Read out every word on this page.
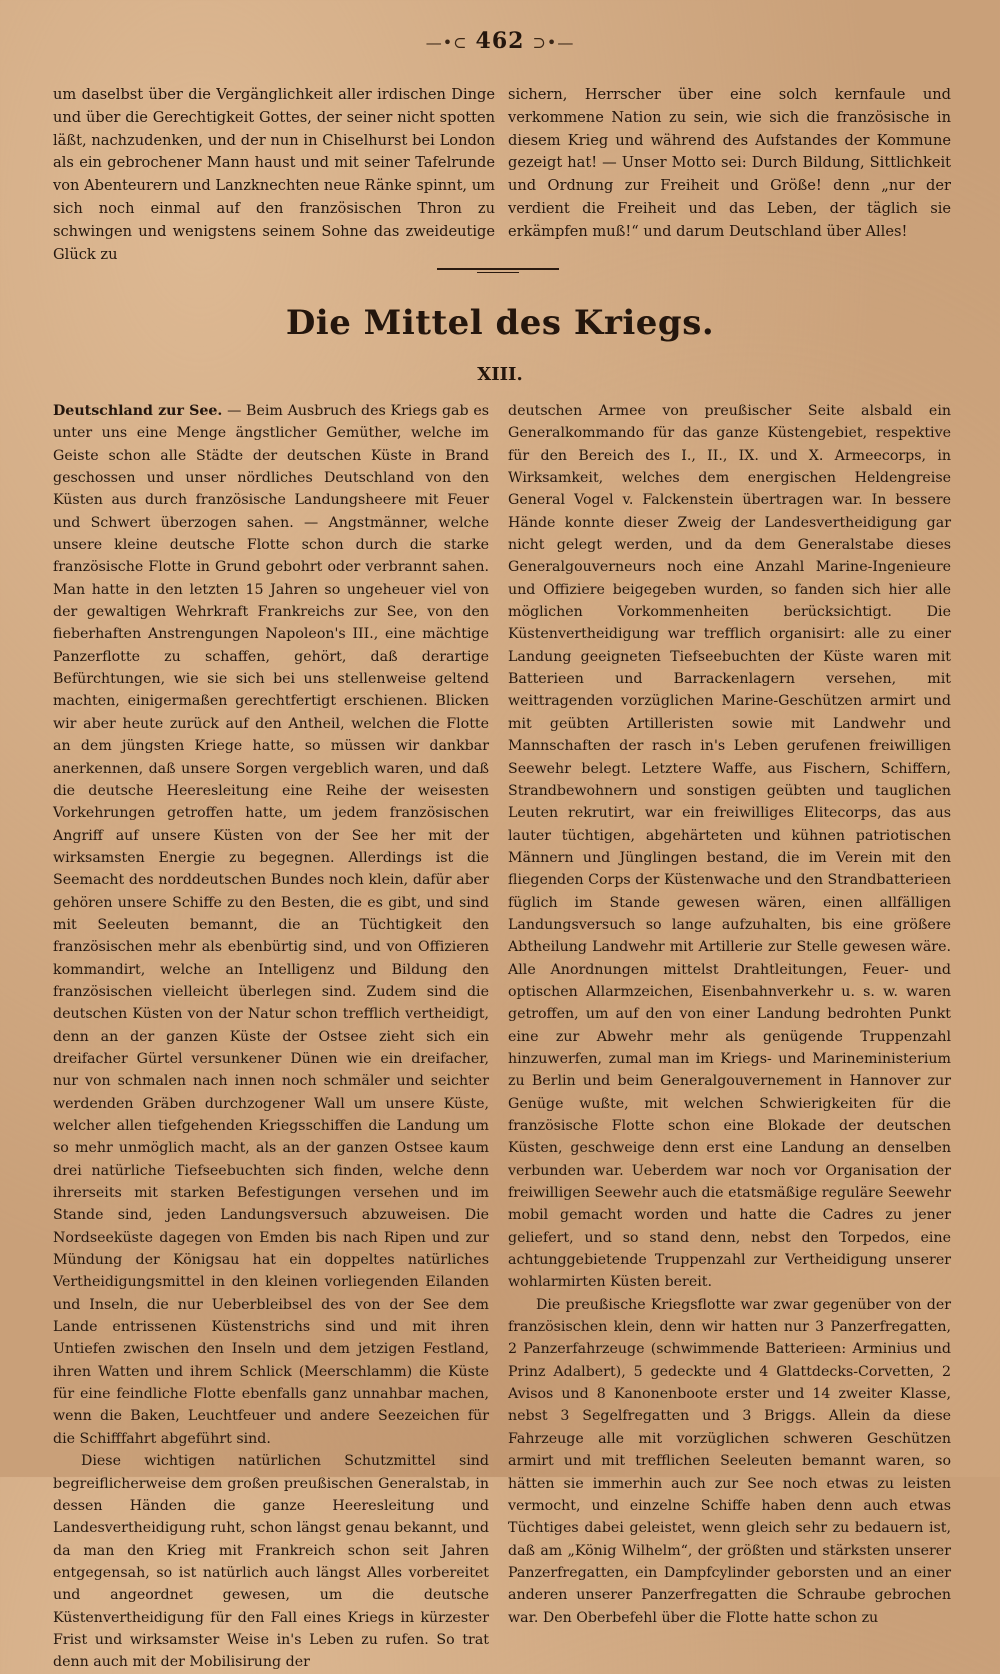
—•⊂ 462 ⊃•—

um daselbst über die Vergänglichkeit aller irdischen Dinge und über die Gerechtigkeit Gottes, der seiner nicht spotten läßt, nachzudenken, und der nun in Chiselhurst bei London als ein gebrochener Mann haust und mit seiner Tafelrunde von Abenteurern und Lanzknechten neue Ränke spinnt, um sich noch einmal auf den französischen Thron zu schwingen und wenigstens seinem Sohne das zweideutige Glück zu

sichern, Herrscher über eine solch kernfaule und verkommene Nation zu sein, wie sich die französische in diesem Krieg und während des Aufstandes der Kommune gezeigt hat! — Unser Motto sei: Durch Bildung, Sittlichkeit und Ordnung zur Freiheit und Größe! denn „nur der verdient die Freiheit und das Leben, der täglich sie erkämpfen muß!“ und darum Deutschland über Alles!

Die Mittel des Kriegs.
XIII.

Deutschland zur See. — Beim Ausbruch des Kriegs gab es unter uns eine Menge ängstlicher Gemüther, welche im Geiste schon alle Städte der deutschen Küste in Brand geschossen und unser nördliches Deutschland von den Küsten aus durch französische Landungsheere mit Feuer und Schwert überzogen sahen. — Angstmänner, welche unsere kleine deutsche Flotte schon durch die starke französische Flotte in Grund gebohrt oder verbrannt sahen. Man hatte in den letzten 15 Jahren so ungeheuer viel von der gewaltigen Wehrkraft Frankreichs zur See, von den fieberhaften Anstrengungen Napoleon's III., eine mächtige Panzerflotte zu schaffen, gehört, daß derartige Befürchtungen, wie sie sich bei uns stellenweise geltend machten, einigermaßen gerechtfertigt erschienen. Blicken wir aber heute zurück auf den Antheil, welchen die Flotte an dem jüngsten Kriege hatte, so müssen wir dankbar anerkennen, daß unsere Sorgen vergeblich waren, und daß die deutsche Heeresleitung eine Reihe der weisesten Vorkehrungen getroffen hatte, um jedem französischen Angriff auf unsere Küsten von der See her mit der wirksamsten Energie zu begegnen. Allerdings ist die Seemacht des norddeutschen Bundes noch klein, dafür aber gehören unsere Schiffe zu den Besten, die es gibt, und sind mit Seeleuten bemannt, die an Tüchtigkeit den französischen mehr als ebenbürtig sind, und von Offizieren kommandirt, welche an Intelligenz und Bildung den französischen vielleicht überlegen sind. Zudem sind die deutschen Küsten von der Natur schon trefflich vertheidigt, denn an der ganzen Küste der Ostsee zieht sich ein dreifacher Gürtel versunkener Dünen wie ein dreifacher, nur von schmalen nach innen noch schmäler und seichter werdenden Gräben durchzogener Wall um unsere Küste, welcher allen tiefgehenden Kriegsschiffen die Landung um so mehr unmöglich macht, als an der ganzen Ostsee kaum drei natürliche Tiefseebuchten sich finden, welche denn ihrerseits mit starken Befestigungen versehen und im Stande sind, jeden Landungsversuch abzuweisen. Die Nordseeküste dagegen von Emden bis nach Ripen und zur Mündung der Königsau hat ein doppeltes natürliches Vertheidigungsmittel in den kleinen vorliegenden Eilanden und Inseln, die nur Ueberbleibsel des von der See dem Lande entrissenen Küstenstrichs sind und mit ihren Untiefen zwischen den Inseln und dem jetzigen Festland, ihren Watten und ihrem Schlick (Meerschlamm) die Küste für eine feindliche Flotte ebenfalls ganz unnahbar machen, wenn die Baken, Leuchtfeuer und andere Seezeichen für die Schifffahrt abgeführt sind.

Diese wichtigen natürlichen Schutzmittel sind begreiflicherweise dem großen preußischen Generalstab, in dessen Händen die ganze Heeresleitung und Landesvertheidigung ruht, schon längst genau bekannt, und da man den Krieg mit Frankreich schon seit Jahren entgegensah, so ist natürlich auch längst Alles vorbereitet und angeordnet gewesen, um die deutsche Küstenvertheidigung für den Fall eines Kriegs in kürzester Frist und wirksamster Weise in's Leben zu rufen. So trat denn auch mit der Mobilisirung der

deutschen Armee von preußischer Seite alsbald ein Generalkommando für das ganze Küstengebiet, respektive für den Bereich des I., II., IX. und X. Armeecorps, in Wirksamkeit, welches dem energischen Heldengreise General Vogel v. Falckenstein übertragen war. In bessere Hände konnte dieser Zweig der Landesvertheidigung gar nicht gelegt werden, und da dem Generalstabe dieses Generalgouverneurs noch eine Anzahl Marine-Ingenieure und Offiziere beigegeben wurden, so fanden sich hier alle möglichen Vorkommenheiten berücksichtigt. Die Küstenvertheidigung war trefflich organisirt: alle zu einer Landung geeigneten Tiefseebuchten der Küste waren mit Batterieen und Barrackenlagern versehen, mit weittragenden vorzüglichen Marine-Geschützen armirt und mit geübten Artilleristen sowie mit Landwehr und Mannschaften der rasch in's Leben gerufenen freiwilligen Seewehr belegt. Letztere Waffe, aus Fischern, Schiffern, Strandbewohnern und sonstigen geübten und tauglichen Leuten rekrutirt, war ein freiwilliges Elitecorps, das aus lauter tüchtigen, abgehärteten und kühnen patriotischen Männern und Jünglingen bestand, die im Verein mit den fliegenden Corps der Küstenwache und den Strandbatterieen füglich im Stande gewesen wären, einen allfälligen Landungsversuch so lange aufzuhalten, bis eine größere Abtheilung Landwehr mit Artillerie zur Stelle gewesen wäre. Alle Anordnungen mittelst Drahtleitungen, Feuer- und optischen Allarmzeichen, Eisenbahnverkehr u. s. w. waren getroffen, um auf den von einer Landung bedrohten Punkt eine zur Abwehr mehr als genügende Truppenzahl hinzuwerfen, zumal man im Kriegs- und Marineministerium zu Berlin und beim Generalgouvernement in Hannover zur Genüge wußte, mit welchen Schwierigkeiten für die französische Flotte schon eine Blokade der deutschen Küsten, geschweige denn erst eine Landung an denselben verbunden war. Ueberdem war noch vor Organisation der freiwilligen Seewehr auch die etatsmäßige reguläre Seewehr mobil gemacht worden und hatte die Cadres zu jener geliefert, und so stand denn, nebst den Torpedos, eine achtunggebietende Truppenzahl zur Vertheidigung unserer wohlarmirten Küsten bereit.

Die preußische Kriegsflotte war zwar gegenüber von der französischen klein, denn wir hatten nur 3 Panzerfregatten, 2 Panzerfahrzeuge (schwimmende Batterieen: Arminius und Prinz Adalbert), 5 gedeckte und 4 Glattdecks-Corvetten, 2 Avisos und 8 Kanonenboote erster und 14 zweiter Klasse, nebst 3 Segelfregatten und 3 Briggs. Allein da diese Fahrzeuge alle mit vorzüglichen schweren Geschützen armirt und mit trefflichen Seeleuten bemannt waren, so hätten sie immerhin auch zur See noch etwas zu leisten vermocht, und einzelne Schiffe haben denn auch etwas Tüchtiges dabei geleistet, wenn gleich sehr zu bedauern ist, daß am „König Wilhelm“, der größten und stärksten unserer Panzerfregatten, ein Dampfcylinder geborsten und an einer anderen unserer Panzerfregatten die Schraube gebrochen war. Den Oberbefehl über die Flotte hatte schon zu
